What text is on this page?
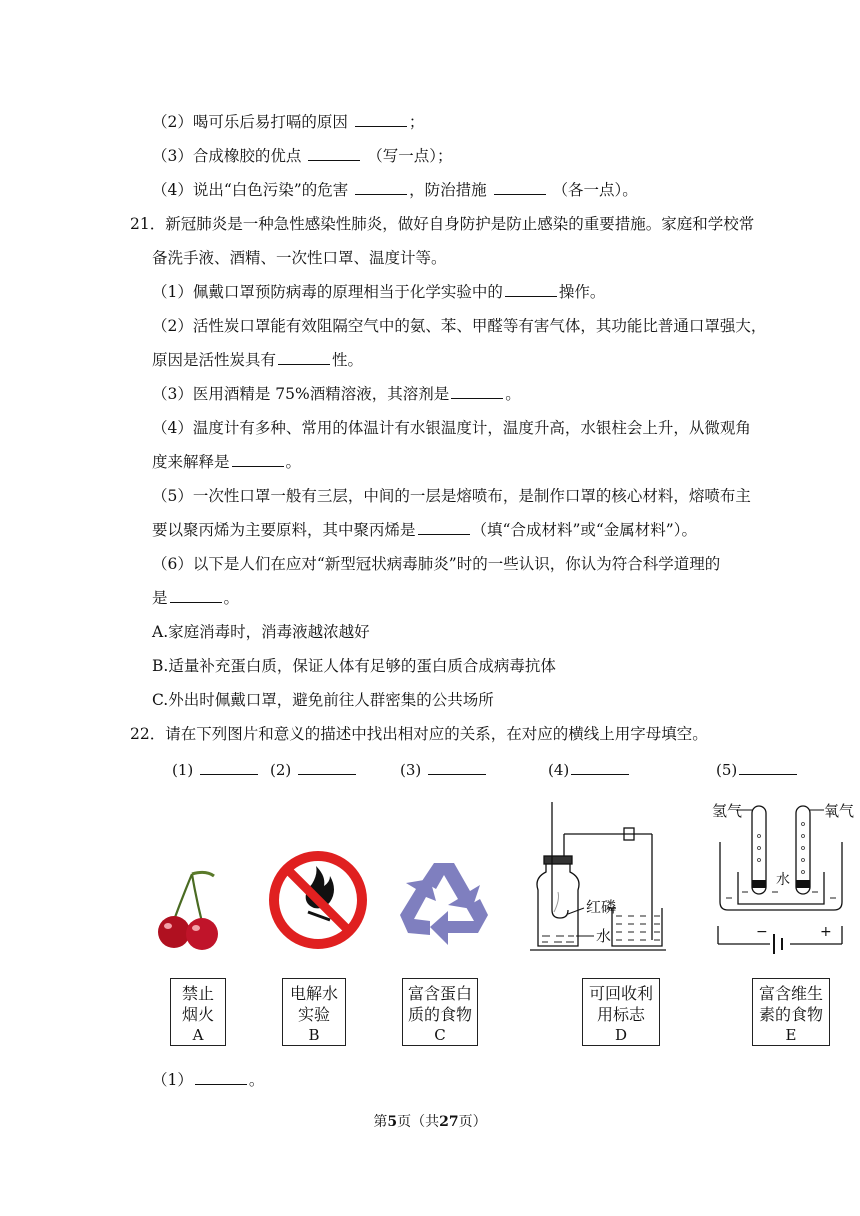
（2）喝可乐后易打嗝的原因	；
（3）合成橡胶的优点	（写一点）；
（4）说出“白色污染”的危害	，防治措施	（各一点）。
21．新冠肺炎是一种急性感染性肺炎，做好自身防护是防止感染的重要措施。家庭和学校常
备洗手液、酒精、一次性口罩、温度计等。
（1）佩戴口罩预防病毒的原理相当于化学实验中的	操作。
（2）活性炭口罩能有效阻隔空气中的氨、苯、甲醛等有害气体，其功能比普通口罩强大，
原因是活性炭具有	性。
（3）医用酒精是 75%酒精溶液，其溶剂是	。
（4）温度计有多种、常用的体温计有水银温度计，温度升高，水银柱会上升，从微观角
度来解释是	。
（5）一次性口罩一般有三层，中间的一层是熔喷布，是制作口罩的核心材料，熔喷布主
要以聚丙烯为主要原料，其中聚丙烯是	（填“合成材料”或“金属材料”）。
（6）以下是人们在应对“新型冠状病毒肺炎”时的一些认识，你认为符合科学道理的
是	。
A.家庭消毒时，消毒液越浓越好
B.适量补充蛋白质，保证人体有足够的蛋白质合成病毒抗体
C.外出时佩戴口罩，避免前往人群密集的公共场所
22．请在下列图片和意义的描述中找出相对应的关系，在对应的横线上用字母填空。
(1)	(2)	(3)	(4)	(5)
红磷
水
氢气	氧气
水
−	+
禁止
烟火
A
电解水
实验
B
富含蛋白
质的食物
C
可回收利
用标志
D
富含维生
素的食物
E
（1）	。
第5页（共27页）
